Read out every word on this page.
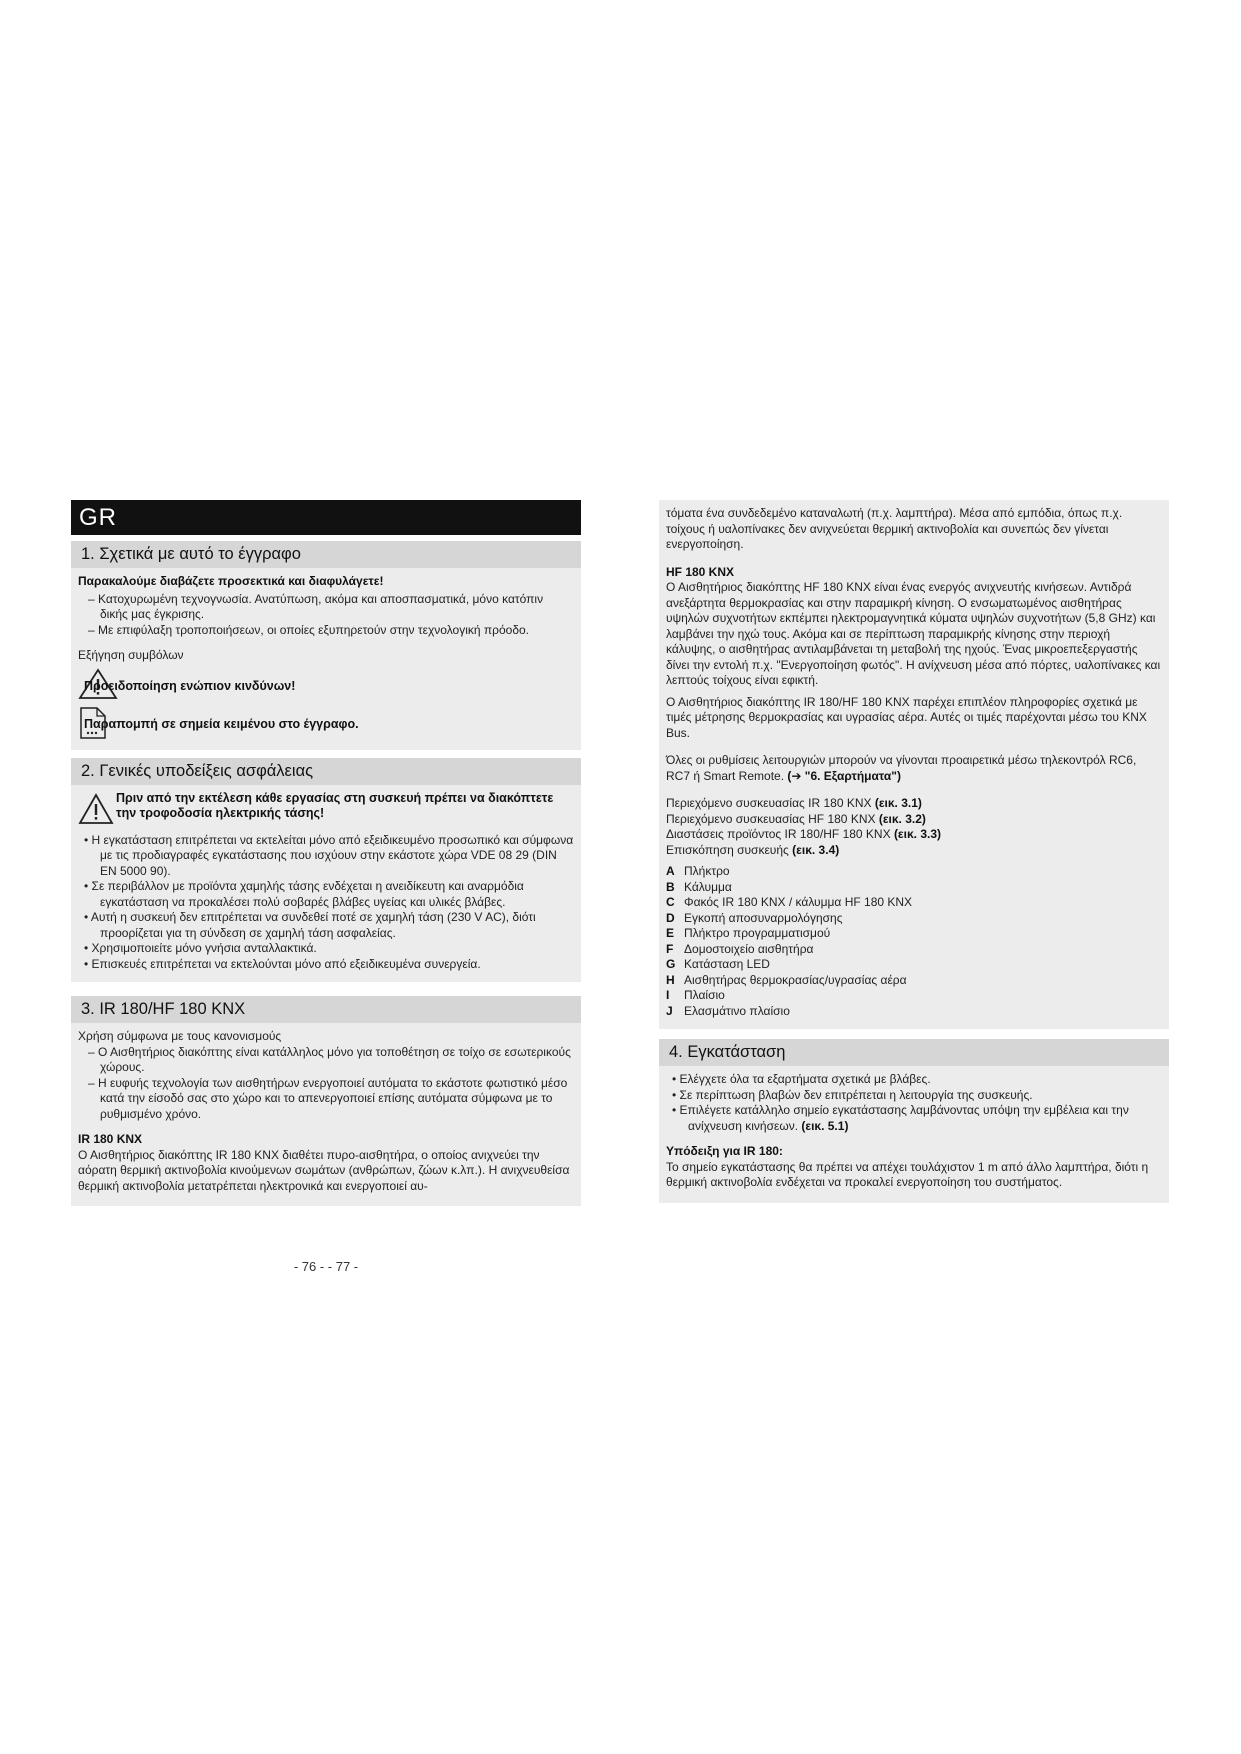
GR
1. Σχετικά με αυτό το έγγραφο

Παρακαλούμε διαβάζετε προσεκτικά και διαφυλάγετε!

– Κατοχυρωμένη τεχνογνωσία. Ανατύπωση, ακόμα και αποσπασματικά, μόνο κατόπιν δικής μας έγκρισης.

– Με επιφύλαξη τροποποιήσεων, οι οποίες εξυπηρετούν στην τεχνολογική πρόοδο.

Εξήγηση συμβόλων

Προειδοποίηση ενώπιον κινδύνων!
Παραπομπή σε σημεία κειμένου στο έγγραφο.
2. Γενικές υποδείξεις ασφάλειας
Πριν από την εκτέλεση κάθε εργασίας στη συσκευή πρέπει να διακόπτετε την τροφοδοσία ηλεκτρικής τάσης!

• Η εγκατάσταση επιτρέπεται να εκτελείται μόνο από εξειδικευμένο προσωπικό και σύμφωνα με τις προδιαγραφές εγκατάστασης που ισχύουν στην εκάστοτε χώρα VDE 08 29 (DIN EN 5000 90).

• Σε περιβάλλον με προϊόντα χαμηλής τάσης ενδέχεται η ανειδίκευτη και αναρμόδια εγκατάσταση να προκαλέσει πολύ σοβαρές βλάβες υγείας και υλικές βλάβες.

• Αυτή η συσκευή δεν επιτρέπεται να συνδεθεί ποτέ σε χαμηλή τάση (230 V AC), διότι προορίζεται για τη σύνδεση σε χαμηλή τάση ασφαλείας.

• Χρησιμοποιείτε μόνο γνήσια ανταλλακτικά.

• Επισκευές επιτρέπεται να εκτελούνται μόνο από εξειδικευμένα συνεργεία.

3. IR 180/HF 180 KNX

Χρήση σύμφωνα με τους κανονισμούς

– Ο Αισθητήριος διακόπτης είναι κατάλληλος μόνο για τοποθέτηση σε τοίχο σε εσωτερικούς χώρους.

– Η ευφυής τεχνολογία των αισθητήρων ενεργοποιεί αυτόματα το εκάστοτε φωτιστικό μέσο κατά την είσοδό σας στο χώρο και το απενεργοποιεί επίσης αυτόματα σύμφωνα με το ρυθμισμένο χρόνο.

IR 180 KNX

Ο Αισθητήριος διακόπτης IR 180 KNX διαθέτει πυρο-αισθητήρα, ο οποίος ανιχνεύει την αόρατη θερμική ακτινοβολία κινούμενων σωμάτων (ανθρώπων, ζώων κ.λπ.). Η ανιχνευθείσα θερμική ακτινοβολία μετατρέπεται ηλεκτρονικά και ενεργοποιεί αυ-

- 76 - - 77 -

τόματα ένα συνδεδεμένο καταναλωτή (π.χ. λαμπτήρα). Μέσα από εμπόδια, όπως π.χ. τοίχους ή υαλοπίνακες δεν ανιχνεύεται θερμική ακτινοβολία και συνεπώς δεν γίνεται ενεργοποίηση.

HF 180 KNX

Ο Αισθητήριος διακόπτης HF 180 KNX είναι ένας ενεργός ανιχνευτής κινήσεων. Αντιδρά ανεξάρτητα θερμοκρασίας και στην παραμικρή κίνηση. Ο ενσωματωμένος αισθητήρας υψηλών συχνοτήτων εκπέμπει ηλεκτρομαγνητικά κύματα υψηλών συχνοτήτων (5,8 GHz) και λαμβάνει την ηχώ τους. Ακόμα και σε περίπτωση παραμικρής κίνησης στην περιοχή κάλυψης, ο αισθητήρας αντιλαμβάνεται τη μεταβολή της ηχούς. Ένας μικροεπεξεργαστής δίνει την εντολή π.χ. "Ενεργοποίηση φωτός". Η ανίχνευση μέσα από πόρτες, υαλοπίνακες και λεπτούς τοίχους είναι εφικτή.

Ο Αισθητήριος διακόπτης IR 180/HF 180 KNX παρέχει επιπλέον πληροφορίες σχετικά με τιμές μέτρησης θερμοκρασίας και υγρασίας αέρα. Αυτές οι τιμές παρέχονται μέσω του KNX Bus.

Όλες οι ρυθμίσεις λειτουργιών μπορούν να γίνονται προαιρετικά μέσω τηλεκοντρόλ RC6, RC7 ή Smart Remote. (➔ "6. Εξαρτήματα")

Περιεχόμενο συσκευασίας IR 180 KNX (εικ. 3.1)

Περιεχόμενο συσκευασίας HF 180 KNX (εικ. 3.2)

Διαστάσεις προϊόντος IR 180/HF 180 KNX (εικ. 3.3)

Επισκόπηση συσκευής (εικ. 3.4)

A Πλήκτρο

B Κάλυμμα

C Φακός IR 180 KNX / κάλυμμα HF 180 KNX

D Εγκοπή αποσυναρμολόγησης

E Πλήκτρο προγραμματισμού

F Δομοστοιχείο αισθητήρα

G Κατάσταση LED

H Αισθητήρας θερμοκρασίας/υγρασίας αέρα

I Πλαίσιο

J Ελασμάτινο πλαίσιο

4. Εγκατάσταση

• Ελέγχετε όλα τα εξαρτήματα σχετικά με βλάβες.

• Σε περίπτωση βλαβών δεν επιτρέπεται η λειτουργία της συσκευής.

• Επιλέγετε κατάλληλο σημείο εγκατάστασης λαμβάνοντας υπόψη την εμβέλεια και την ανίχνευση κινήσεων. (εικ. 5.1)

Υπόδειξη για IR 180:

Το σημείο εγκατάστασης θα πρέπει να απέχει τουλάχιστον 1 m από άλλο λαμπτήρα, διότι η θερμική ακτινοβολία ενδέχεται να προκαλεί ενεργοποίηση του συστήματος.
